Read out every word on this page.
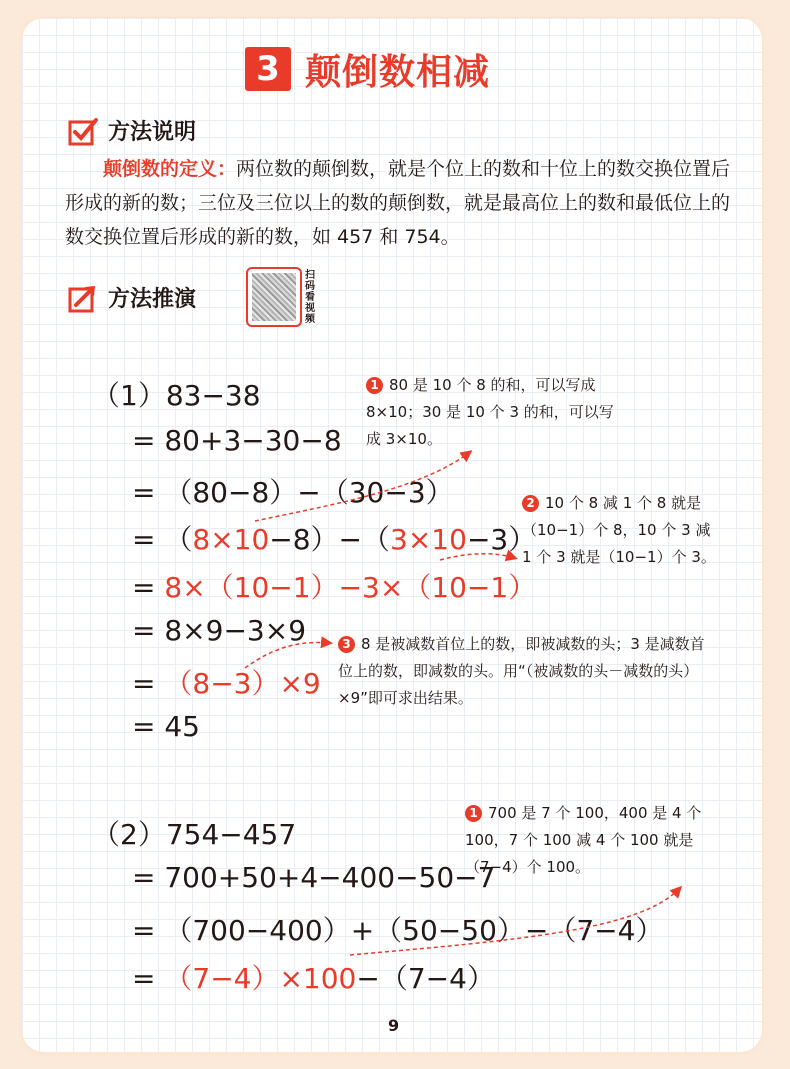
3 颠倒数相减
方法说明
颠倒数的定义：两位数的颠倒数，就是个位上的数和十位上的数交换位置后形成的新的数；三位及三位以上的数的颠倒数，就是最高位上的数和最低位上的数交换位置后形成的新的数，如 457 和 754。
方法推演
扫码看视频
（1）83−38
= 80+3−30−8
= （80−8）−（30−3）
= （8×10−8）−（3×10−3）
= 8×（10−1）−3×（10−1）
= 8×9−3×9
= （8−3）×9
= 45
1 80 是 10 个 8 的和，可以写成 8×10；30 是 10 个 3 的和，可以写成 3×10。
2 10 个 8 减 1 个 8 就是（10−1）个 8，10 个 3 减 1 个 3 就是（10−1）个 3。
3 8 是被减数首位上的数，即被减数的头；3 是减数首位上的数，即减数的头。用“（被减数的头－减数的头）×9”即可求出结果。
（2）754−457
= 700+50+4−400−50−7
= （700−400）+（50−50）−（7−4）
= （7−4）×100−（7−4）
1 700 是 7 个 100，400 是 4 个 100，7 个 100 减 4 个 100 就是（7−4）个 100。
9
